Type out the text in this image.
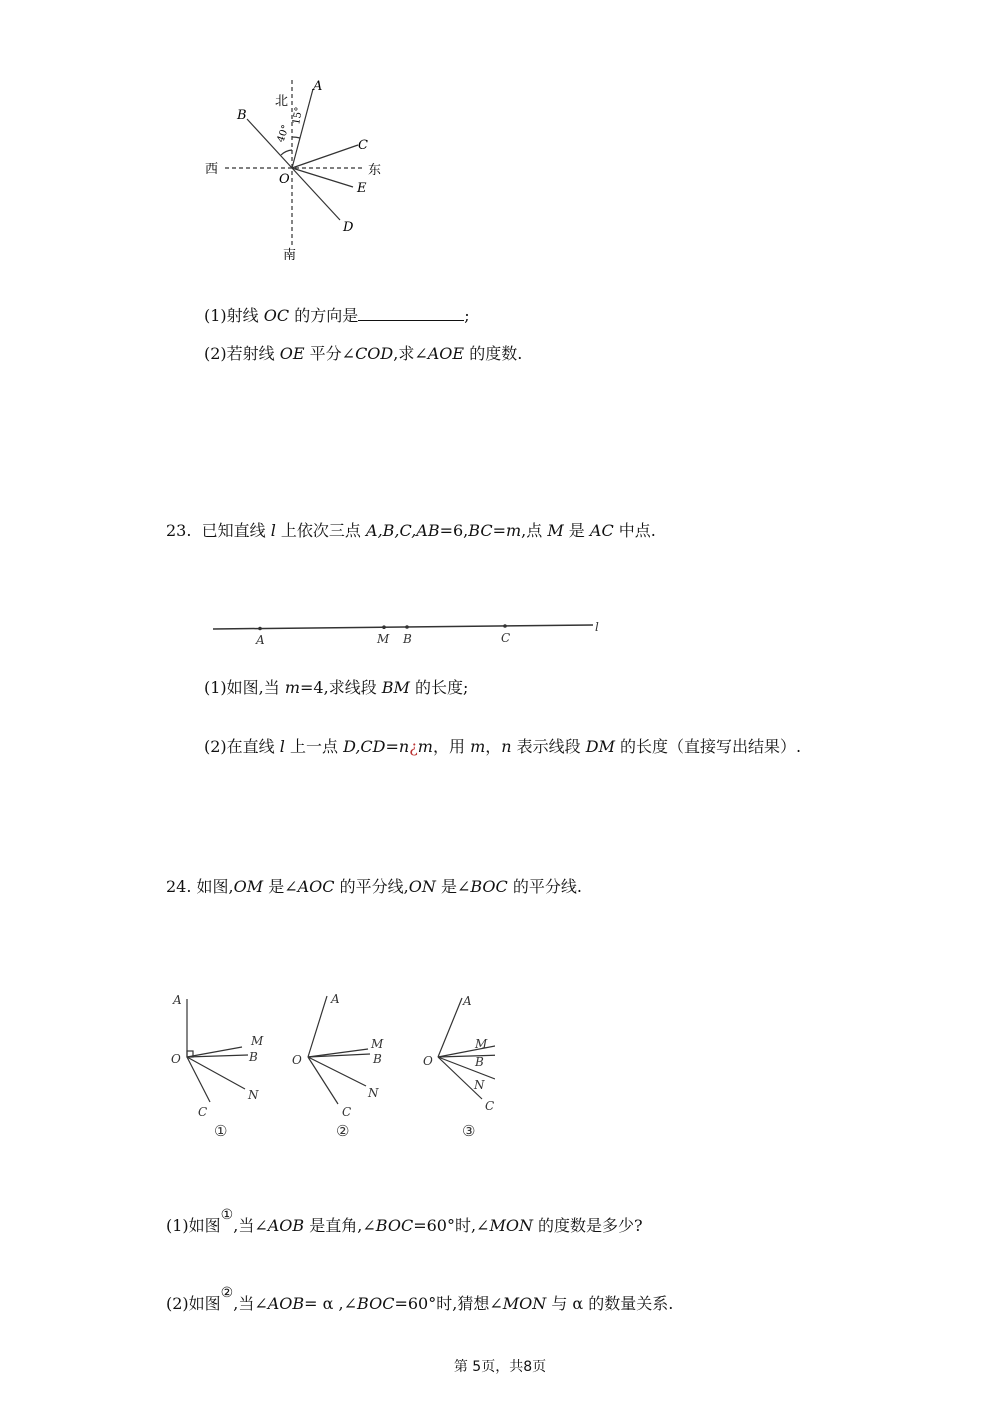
北
南
西	东
40°
15°
A
B
C
D
E
O
(1)射线 OC 的方向是	;
(2)若射线 OE 平分∠COD,求∠AOE 的度数.
23. 已知直线 l 上依次三点 A,B,C,AB=6,BC=m,点 M 是 AC 中点.
A	M B	C
l
(1)如图,当 m=4,求线段 BM 的长度;
(2)在直线 l 上一点 D,CD=n¿m，用 m，n 表示线段 DM 的长度（直接写出结果）.
24. 如图,OM 是∠AOC 的平分线,ON 是∠BOC 的平分线.
A
M
B
O
N
C
A
M
B
O
N
C
A
M
B
O
N
C
①	②	③
(1)如图①,当∠AOB 是直角,∠BOC=60°时,∠MON 的度数是多少?
(2)如图②,当∠AOB= α ,∠BOC=60°时,猜想∠MON 与 α 的数量关系.
第 5页，共8页
